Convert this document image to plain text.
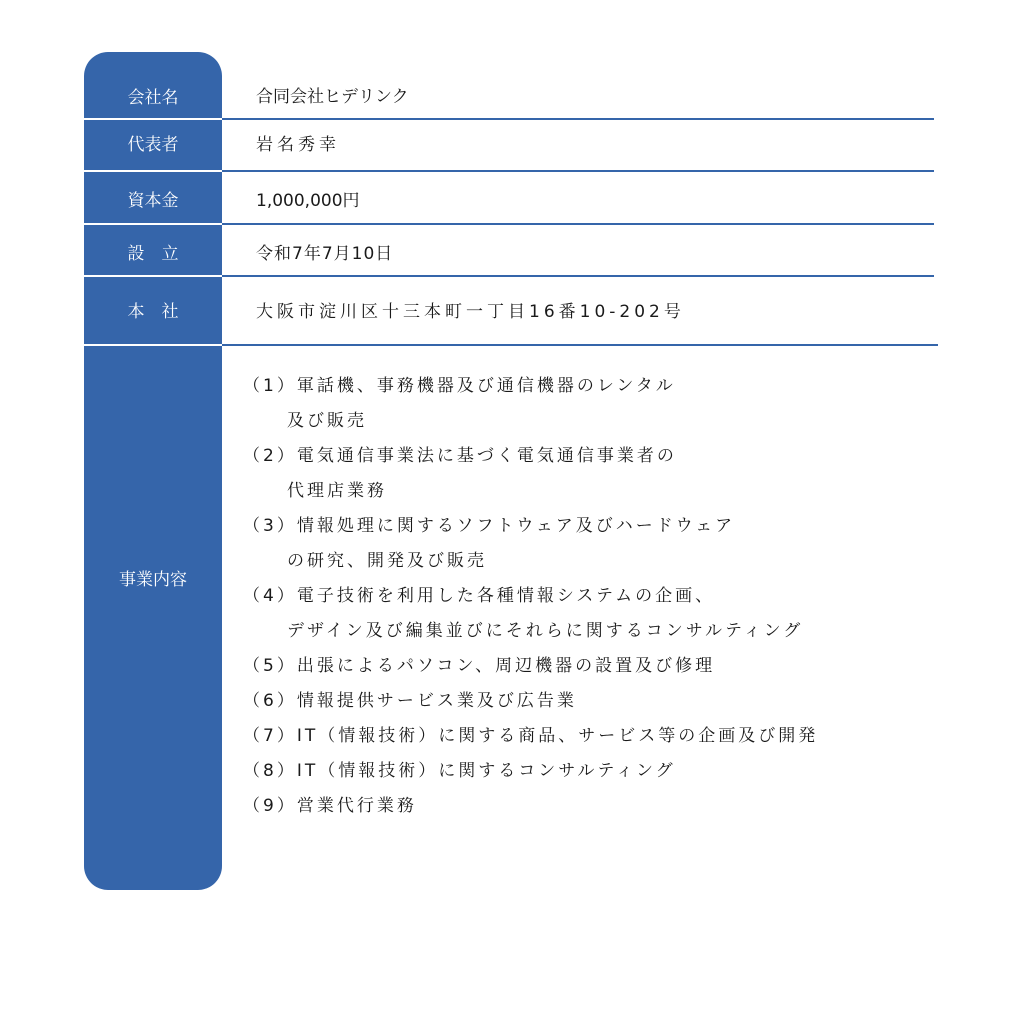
会社名
代表者
資本金
設　立
本　社
事業内容
合同会社ヒデリンク
岩名秀幸
1,000,000円
令和7年7月10日
大阪市淀川区十三本町一丁目16番10-202号
（1）軍話機、事務機器及び通信機器のレンタル
及び販売
（2）電気通信事業法に基づく電気通信事業者の
代理店業務
（3）情報処理に関するソフトウェア及びハードウェア
の研究、開発及び販売
（4）電子技術を利用した各種情報システムの企画、
デザイン及び編集並びにそれらに関するコンサルティング
（5）出張によるパソコン、周辺機器の設置及び修理
（6）情報提供サービス業及び広告業
（7）IT（情報技術）に関する商品、サービス等の企画及び開発
（8）IT（情報技術）に関するコンサルティング
（9）営業代行業務
